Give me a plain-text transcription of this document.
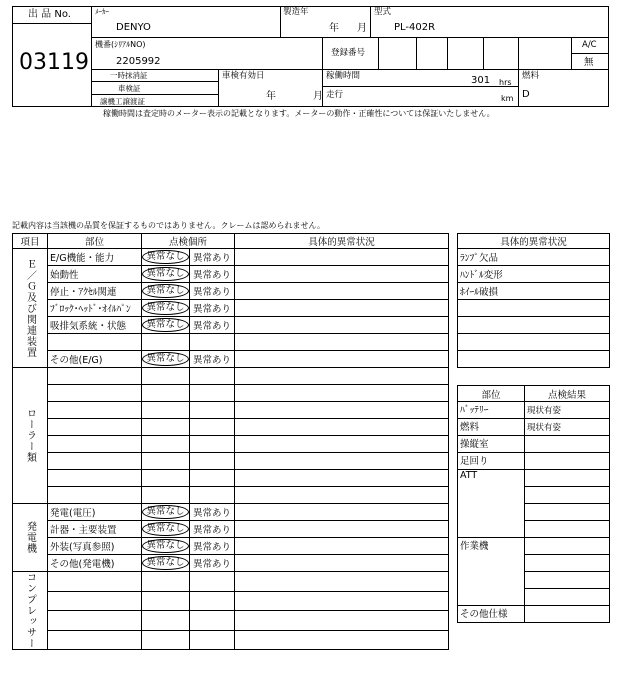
出 品 No.
03119
ﾒｰｶｰ
DENYO
製造年
年 月
型式
PL-402R
機番(ｼﾘｱﾙNO)
2205992
登録番号
A/C
無
一時抹消証
車検証
譲機工譲渡証
車検有効日
年	月
稼働時間	301 hrs
走行	km
燃料
D
稼働時間は査定時のメーター表示の記載となります。メーターの動作・正確性については保証いたしません。
記載内容は当該機の品質を保証するものではありません。クレームは認められません。
項目	部位	点検個所		具体的異常状況

Ｅ／Ｇ及び関連装置	E/G機能・能力	異常なし	異常あり	
	始動性	異常なし	異常あり	
	停止・ｱｸｾﾙ関連	異常なし	異常あり	
	ﾌﾞﾛｯｸ･ﾍｯﾄﾞ･ｵｲﾙﾊﾟﾝ	異常なし	異常あり	
	吸排気系統・状態	異常なし	異常あり	

	その他(E/G)	異常なし	異常あり	

ローラー類				

発電機	発電(電圧)	異常なし	異常あり	
	計器・主要装置	異常なし	異常あり	
	外装(写真参照)	異常なし	異常あり	
	その他(発電機)	異常なし	異常あり	

コンプレッサー				

具体的異常状況
ﾗﾝﾌﾟ欠品
ﾊﾝﾄﾞﾙ変形
ﾎｲｰﾙ破損

部位	点検結果
ﾊﾞｯﾃﾘｰ	現状有姿
燃料	現状有姿
操縦室	
足回り	
ATT	

作業機	

その他仕様	
